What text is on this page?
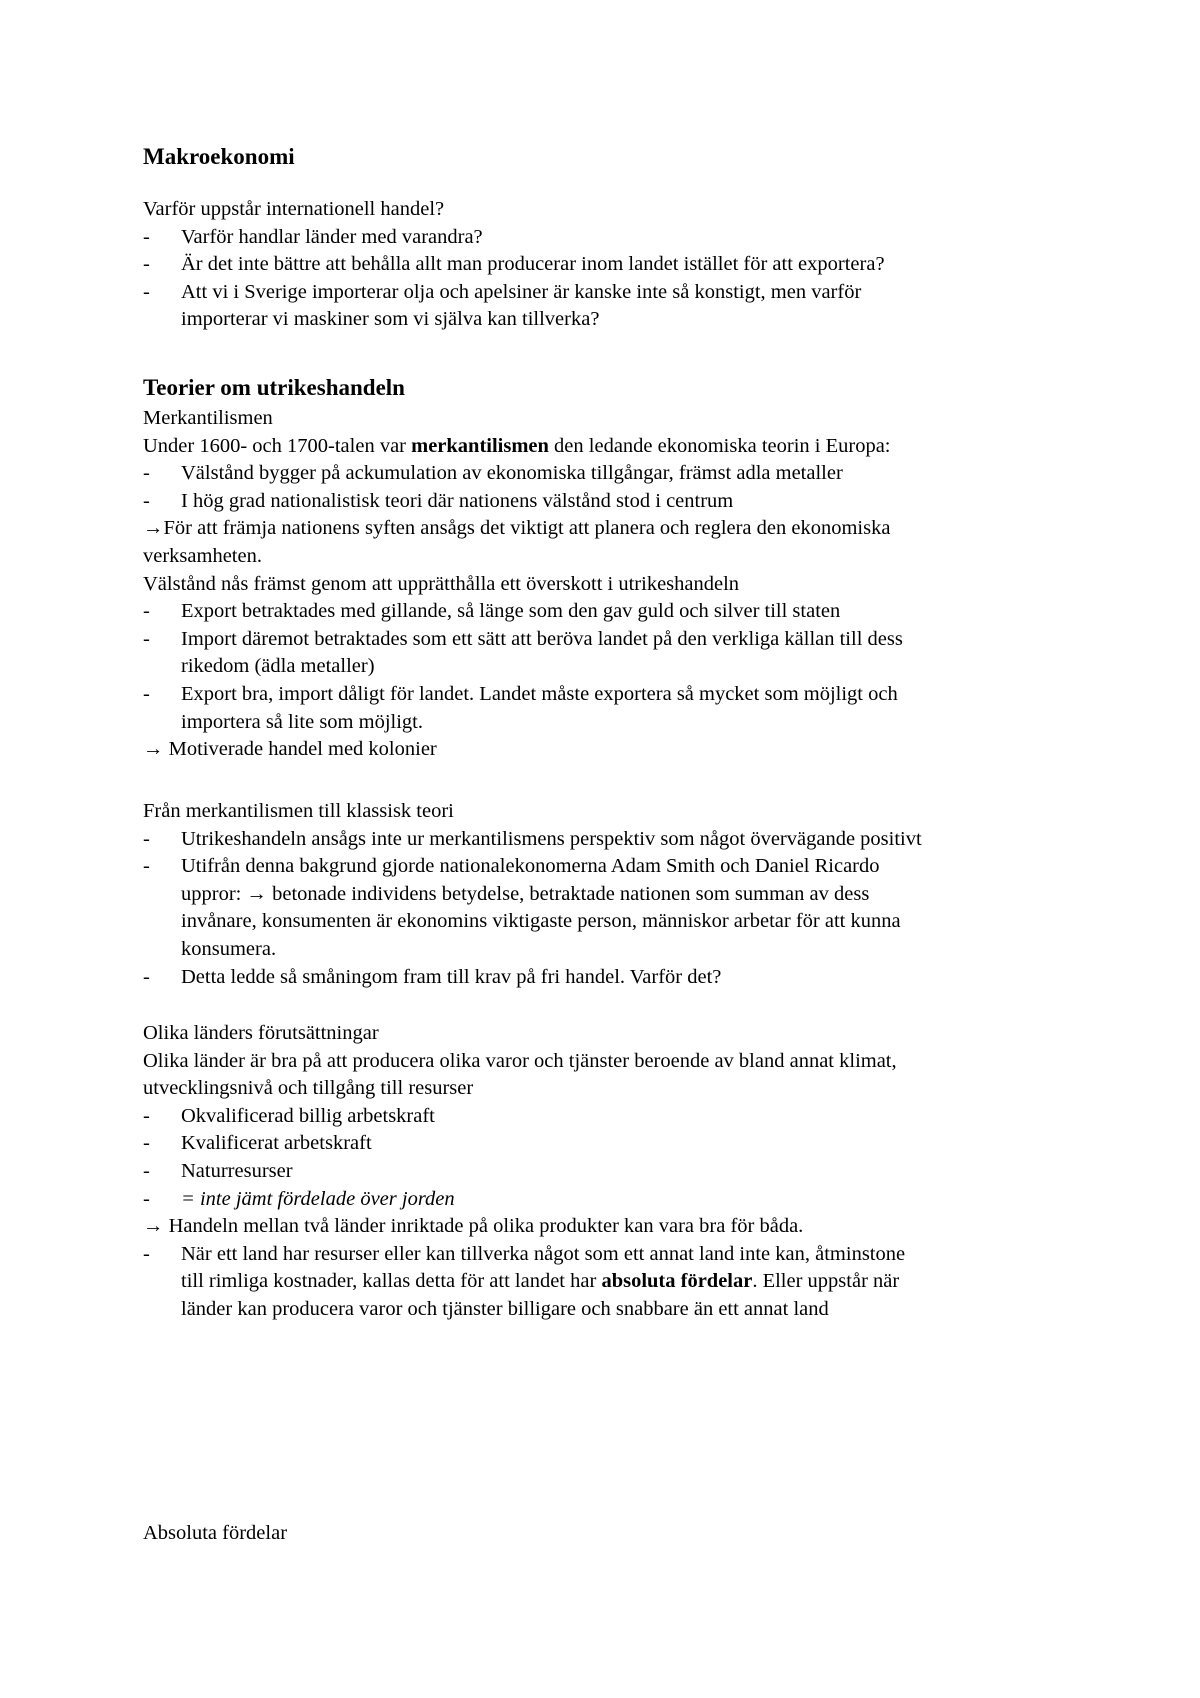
Makroekonomi
Varför uppstår internationell handel?
- Varför handlar länder med varandra?
- Är det inte bättre att behålla allt man producerar inom landet istället för att exportera?
- Att vi i Sverige importerar olja och apelsiner är kanske inte så konstigt, men varför
importerar vi maskiner som vi själva kan tillverka?
Teorier om utrikeshandeln
Merkantilismen
Under 1600- och 1700-talen var merkantilismen den ledande ekonomiska teorin i Europa:
- Välstånd bygger på ackumulation av ekonomiska tillgångar, främst adla metaller
- I hög grad nationalistisk teori där nationens välstånd stod i centrum
→För att främja nationens syften ansågs det viktigt att planera och reglera den ekonomiska
verksamheten.
Välstånd nås främst genom att upprätthålla ett överskott i utrikeshandeln
- Export betraktades med gillande, så länge som den gav guld och silver till staten
- Import däremot betraktades som ett sätt att beröva landet på den verkliga källan till dess
rikedom (ädla metaller)
- Export bra, import dåligt för landet. Landet måste exportera så mycket som möjligt och
importera så lite som möjligt.
→ Motiverade handel med kolonier
Från merkantilismen till klassisk teori
- Utrikeshandeln ansågs inte ur merkantilismens perspektiv som något övervägande positivt
- Utifrån denna bakgrund gjorde nationalekonomerna Adam Smith och Daniel Ricardo
uppror: → betonade individens betydelse, betraktade nationen som summan av dess
invånare, konsumenten är ekonomins viktigaste person, människor arbetar för att kunna
konsumera.
- Detta ledde så småningom fram till krav på fri handel. Varför det?
Olika länders förutsättningar
Olika länder är bra på att producera olika varor och tjänster beroende av bland annat klimat,
utvecklingsnivå och tillgång till resurser
- Okvalificerad billig arbetskraft
- Kvalificerat arbetskraft
- Naturresurser
- = inte jämt fördelade över jorden
→ Handeln mellan två länder inriktade på olika produkter kan vara bra för båda.
- När ett land har resurser eller kan tillverka något som ett annat land inte kan, åtminstone
till rimliga kostnader, kallas detta för att landet har absoluta fördelar. Eller uppstår när
länder kan producera varor och tjänster billigare och snabbare än ett annat land
Absoluta fördelar
